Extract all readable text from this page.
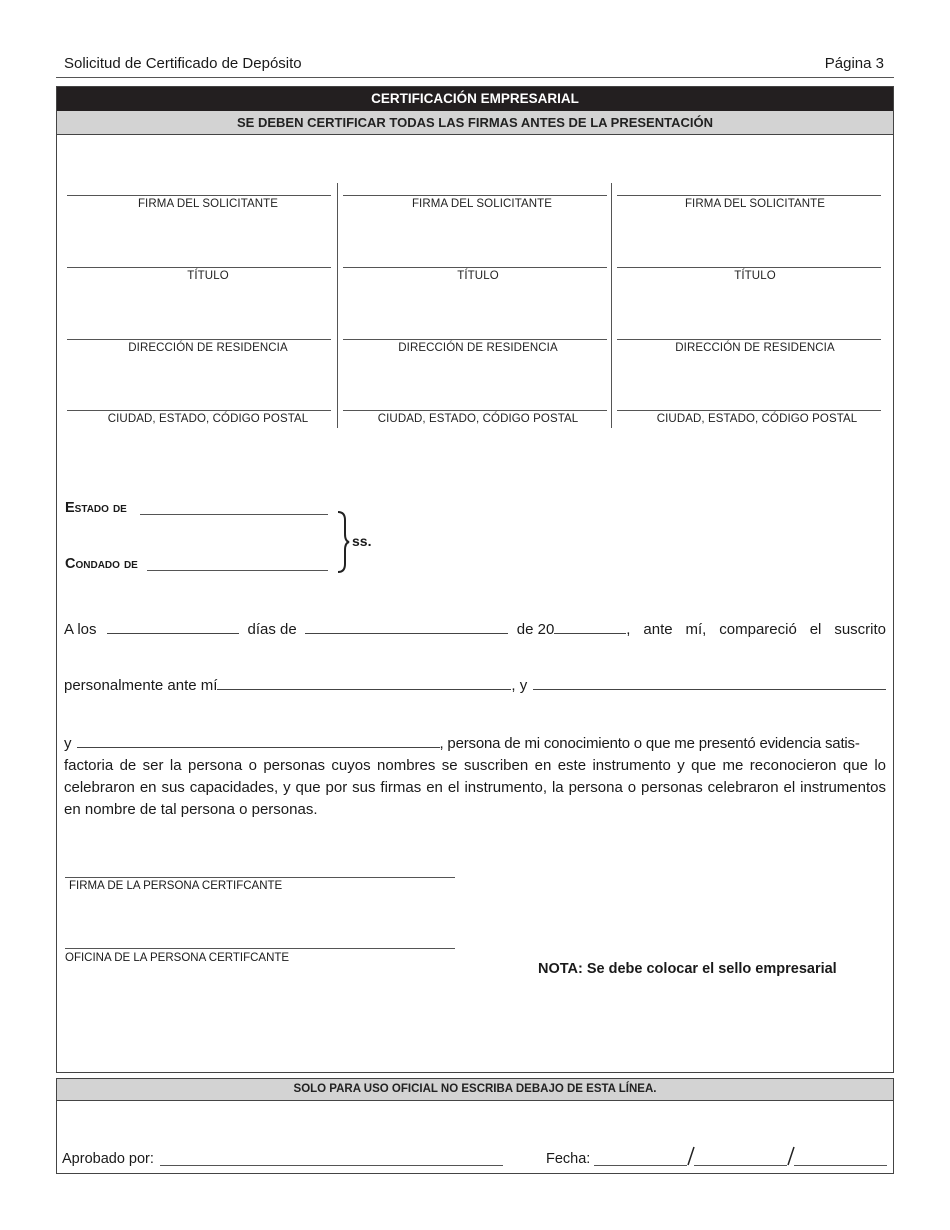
Solicitud de Certificado de Depósito	Página 3
CERTIFICACIÓN EMPRESARIAL
SE DEBEN CERTIFICAR TODAS LAS FIRMAS ANTES DE LA PRESENTACIÓN
FIRMA DEL SOLICITANTE
TÍTULO
DIRECCIÓN DE RESIDENCIA
CIUDAD, ESTADO, CÓDIGO POSTAL
FIRMA DEL SOLICITANTE
TÍTULO
DIRECCIÓN DE RESIDENCIA
CIUDAD, ESTADO, CÓDIGO POSTAL
FIRMA DEL SOLICITANTE
TÍTULO
DIRECCIÓN DE RESIDENCIA
CIUDAD, ESTADO, CÓDIGO POSTAL
Estado de
Condado de
ss.
A los	días de	de 20	, ante mí, compareció el suscrito
personalmente ante mí	, y
y	, persona de mi conocimiento o que me presentó evidencia satis-
factoria de ser la persona o personas cuyos nombres se suscriben en este instrumento y que me reconocieron que lo celebraron en sus capacidades, y que por sus firmas en el instrumento, la persona o personas celebraron el instrumentos en nombre de tal persona o personas.
FIRMA DE LA PERSONA CERTIFCANTE
OFICINA DE LA PERSONA CERTIFCANTE
NOTA: Se debe colocar el sello empresarial
SOLO PARA USO OFICIAL NO ESCRIBA DEBAJO DE ESTA LÍNEA.
Aprobado por:	Fecha:
